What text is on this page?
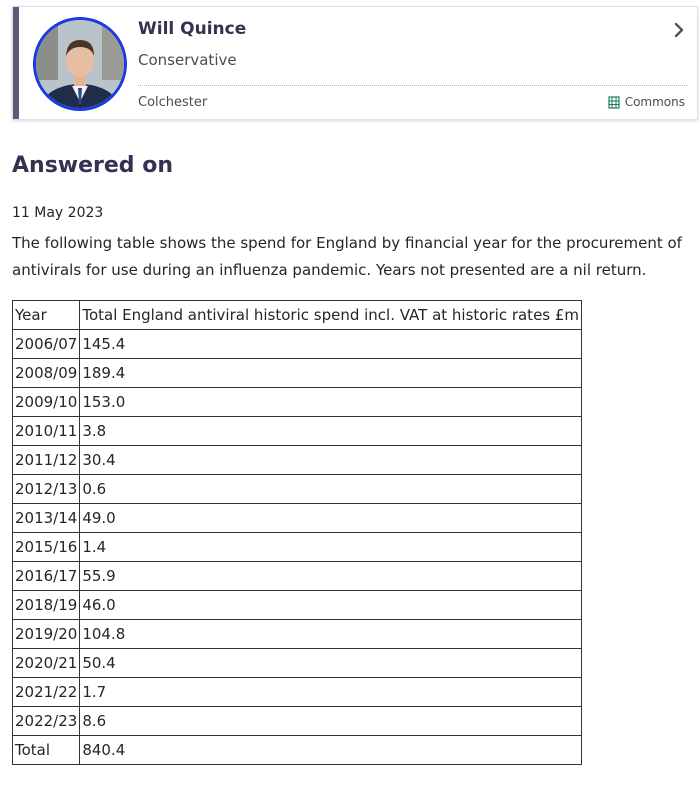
Will Quince
Conservative
Colchester	Commons
Answered on
11 May 2023

The following table shows the spend for England by financial year for the procurement of antivirals for use during an influenza pandemic. Years not presented are a nil return.

Year	Total England antiviral historic spend incl. VAT at historic rates £m
2006/07	145.4
2008/09	189.4
2009/10	153.0
2010/11	3.8
2011/12	30.4
2012/13	0.6
2013/14	49.0
2015/16	1.4
2016/17	55.9
2018/19	46.0
2019/20	104.8
2020/21	50.4
2021/22	1.7
2022/23	8.6
Total	840.4
